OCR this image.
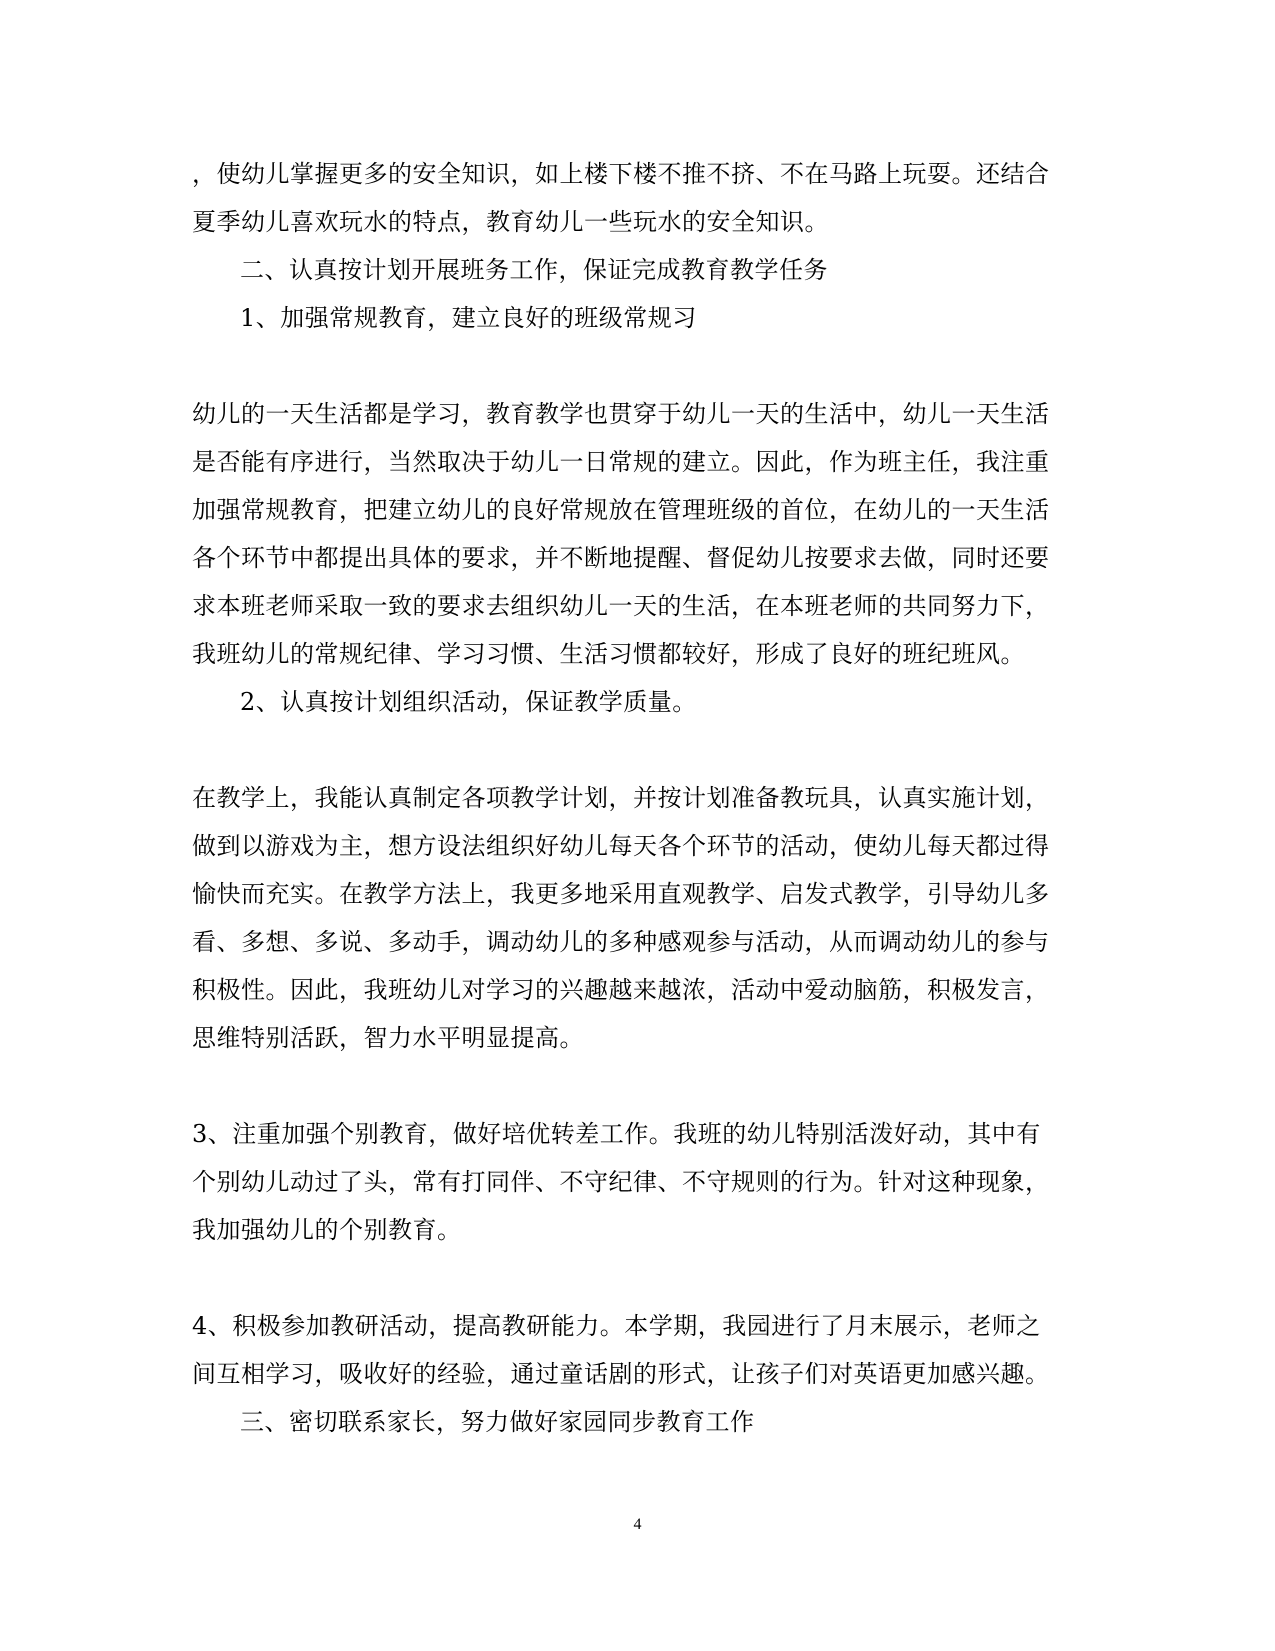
，使幼儿掌握更多的安全知识，如上楼下楼不推不挤、不在马路上玩耍。还结合
夏季幼儿喜欢玩水的特点，教育幼儿一些玩水的安全知识。
二、认真按计划开展班务工作，保证完成教育教学任务
1、加强常规教育，建立良好的班级常规习
幼儿的一天生活都是学习，教育教学也贯穿于幼儿一天的生活中，幼儿一天生活
是否能有序进行，当然取决于幼儿一日常规的建立。因此，作为班主任，我注重
加强常规教育，把建立幼儿的良好常规放在管理班级的首位，在幼儿的一天生活
各个环节中都提出具体的要求，并不断地提醒、督促幼儿按要求去做，同时还要
求本班老师采取一致的要求去组织幼儿一天的生活，在本班老师的共同努力下，
我班幼儿的常规纪律、学习习惯、生活习惯都较好，形成了良好的班纪班风。
2、认真按计划组织活动，保证教学质量。
在教学上，我能认真制定各项教学计划，并按计划准备教玩具，认真实施计划，
做到以游戏为主，想方设法组织好幼儿每天各个环节的活动，使幼儿每天都过得
愉快而充实。在教学方法上，我更多地采用直观教学、启发式教学，引导幼儿多
看、多想、多说、多动手，调动幼儿的多种感观参与活动，从而调动幼儿的参与
积极性。因此，我班幼儿对学习的兴趣越来越浓，活动中爱动脑筋，积极发言，
思维特别活跃，智力水平明显提高。
3、注重加强个别教育，做好培优转差工作。我班的幼儿特别活泼好动，其中有
个别幼儿动过了头，常有打同伴、不守纪律、不守规则的行为。针对这种现象，
我加强幼儿的个别教育。
4、积极参加教研活动，提高教研能力。本学期，我园进行了月末展示，老师之
间互相学习，吸收好的经验，通过童话剧的形式，让孩子们对英语更加感兴趣。
三、密切联系家长，努力做好家园同步教育工作
4
